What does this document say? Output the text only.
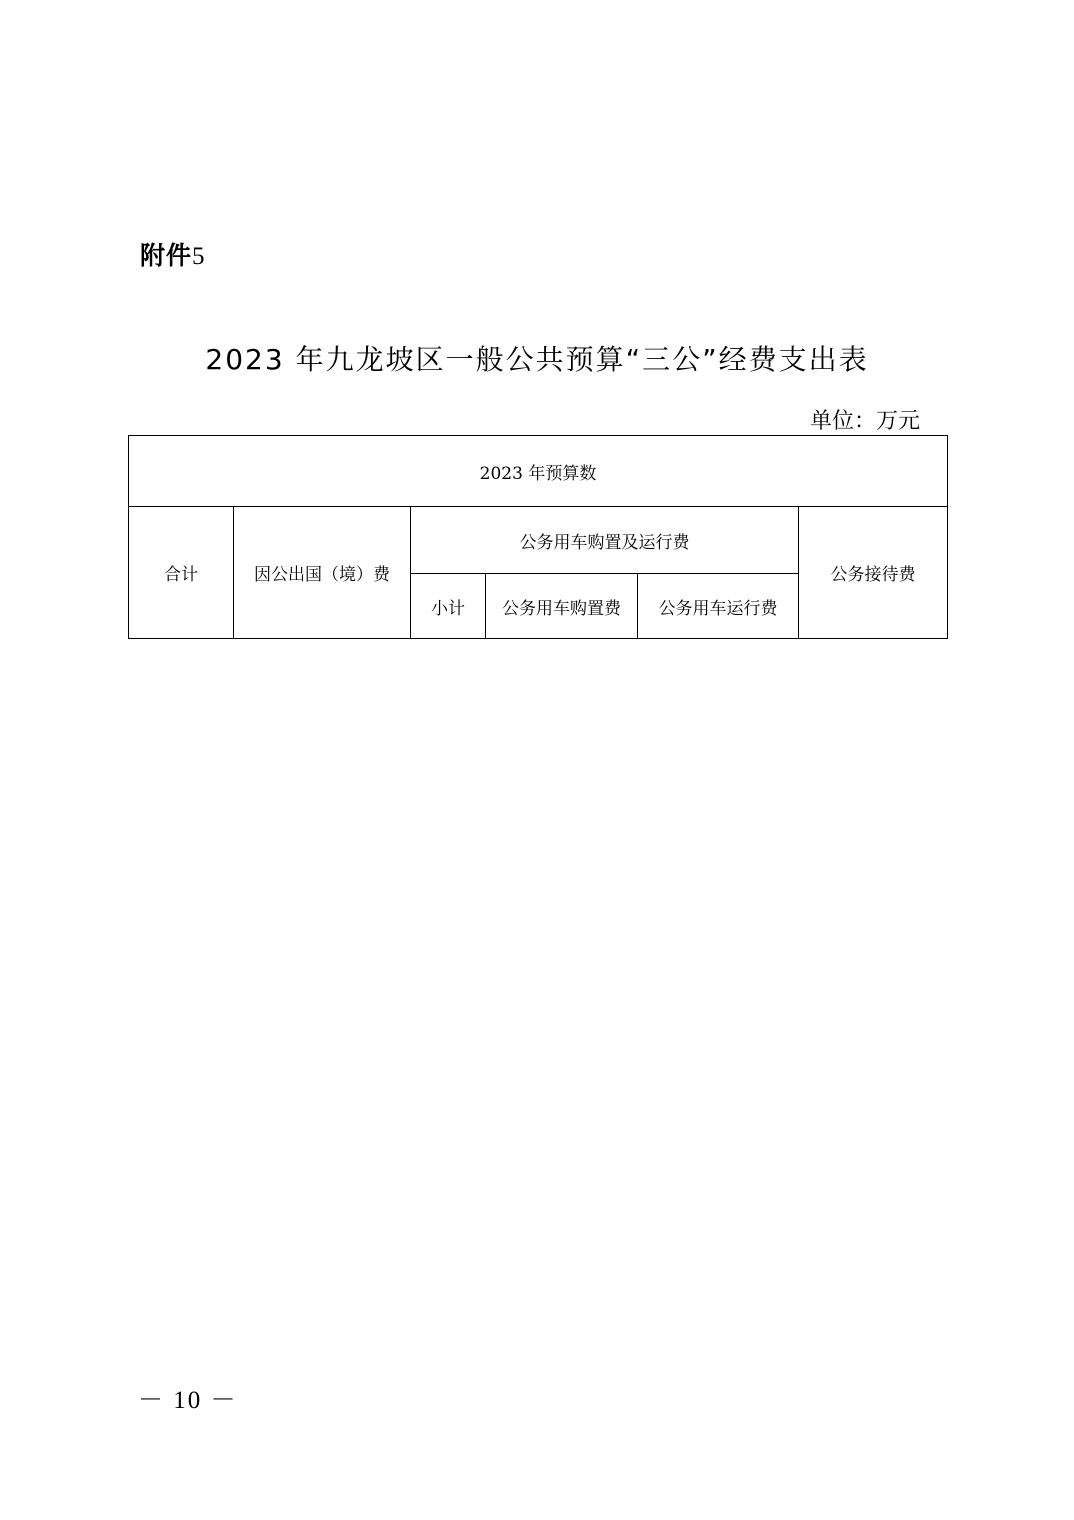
附件5
2023 年九龙坡区一般公共预算“三公”经费支出表
单位：万元
2023 年预算数					
合计	因公出国（境）费	公务用车购置及运行费			公务接待费
		小计	公务用车购置费	公务用车运行费	
－ 10 －
